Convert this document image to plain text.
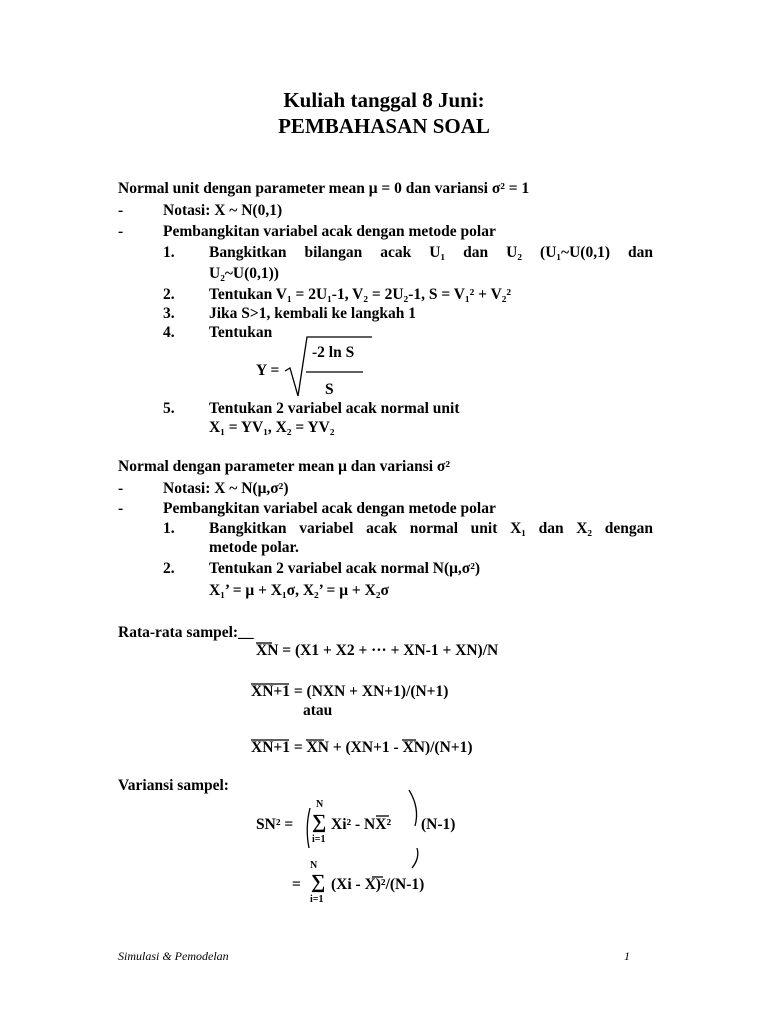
Kuliah tanggal 8 Juni:
PEMBAHASAN SOAL
Normal unit dengan parameter mean μ = 0 dan variansi σ² = 1
-	Notasi: X ~ N(0,1)
-	Pembangkitan variabel acak dengan metode polar
1. Bangkitkan bilangan acak U₁ dan U₂ (U₁~U(0,1) dan
U₂~U(0,1))
2. Tentukan V₁ = 2U₁-1, V₂ = 2U₂-1, S = V₁² + V₂²
3. Jika S>1, kembali ke langkah 1
4. Tentukan
Y =
-2 ln S
S
5. Tentukan 2 variabel acak normal unit
X₁ = YV₁, X₂ = YV₂
Normal dengan parameter mean μ dan variansi σ²
-	Notasi: X ~ N(μ,σ²)
-	Pembangkitan variabel acak dengan metode polar
1. Bangkitkan variabel acak normal unit X₁ dan X₂ dengan
metode polar.
2. Tentukan 2 variabel acak normal N(μ,σ²)
X₁’ = μ + X₁σ, X₂’ = μ + X₂σ
Rata-rata sampel:__
XN = (X1 + X2 + ··· + XN-1 + XN)/N
XN+1 = (NXN + XN+1)/(N+1)
atau
XN+1 = XN + (XN+1 - XN)/(N+1)
Variansi sampel:
SN² =
N
∑
i=1
Xi² - NX² (N-1)
=
N
∑
i=1
(Xi - X)²/(N-1)
Simulasi & Pemodelan	1
